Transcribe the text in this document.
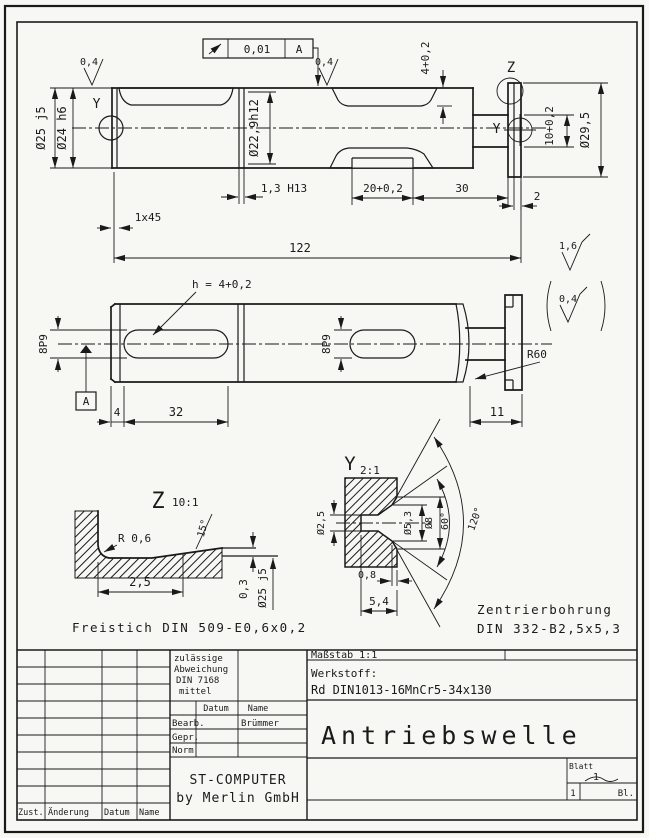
0,4	0,4
0,01 A
Y
Z
Y
Ø25 j5 Ø24 h6	Ø22,9h12
4+0,2
10+0,2 Ø29,5
1,3 H13	20+0,2	30
2
1x45
122
h = 4+0,2
8P9
A
8P9
4	32	11
R60
1,6
0,4
Z 10:1
R 0,6	15°
2,5	0,3 Ø25 j5
Freistich DIN 509-E0,6x0,2
Y 2:1
60° 120°
Ø2,5	Ø5,3 Ø8
0,8
5,4
Zentrierbohrung
DIN 332-B2,5x5,3
Zust. Änderung Datum Name
zulässige
Abweichung
DIN 7168
mittel
Datum Name
Bearb.	Brümmer
Gepr.
Norm
ST-COMPUTER
by Merlin GmbH
Maßstab 1:1
Werkstoff:
Rd DIN1013-16MnCr5-34x130
Antriebswelle
Blatt
1
1	Bl.
